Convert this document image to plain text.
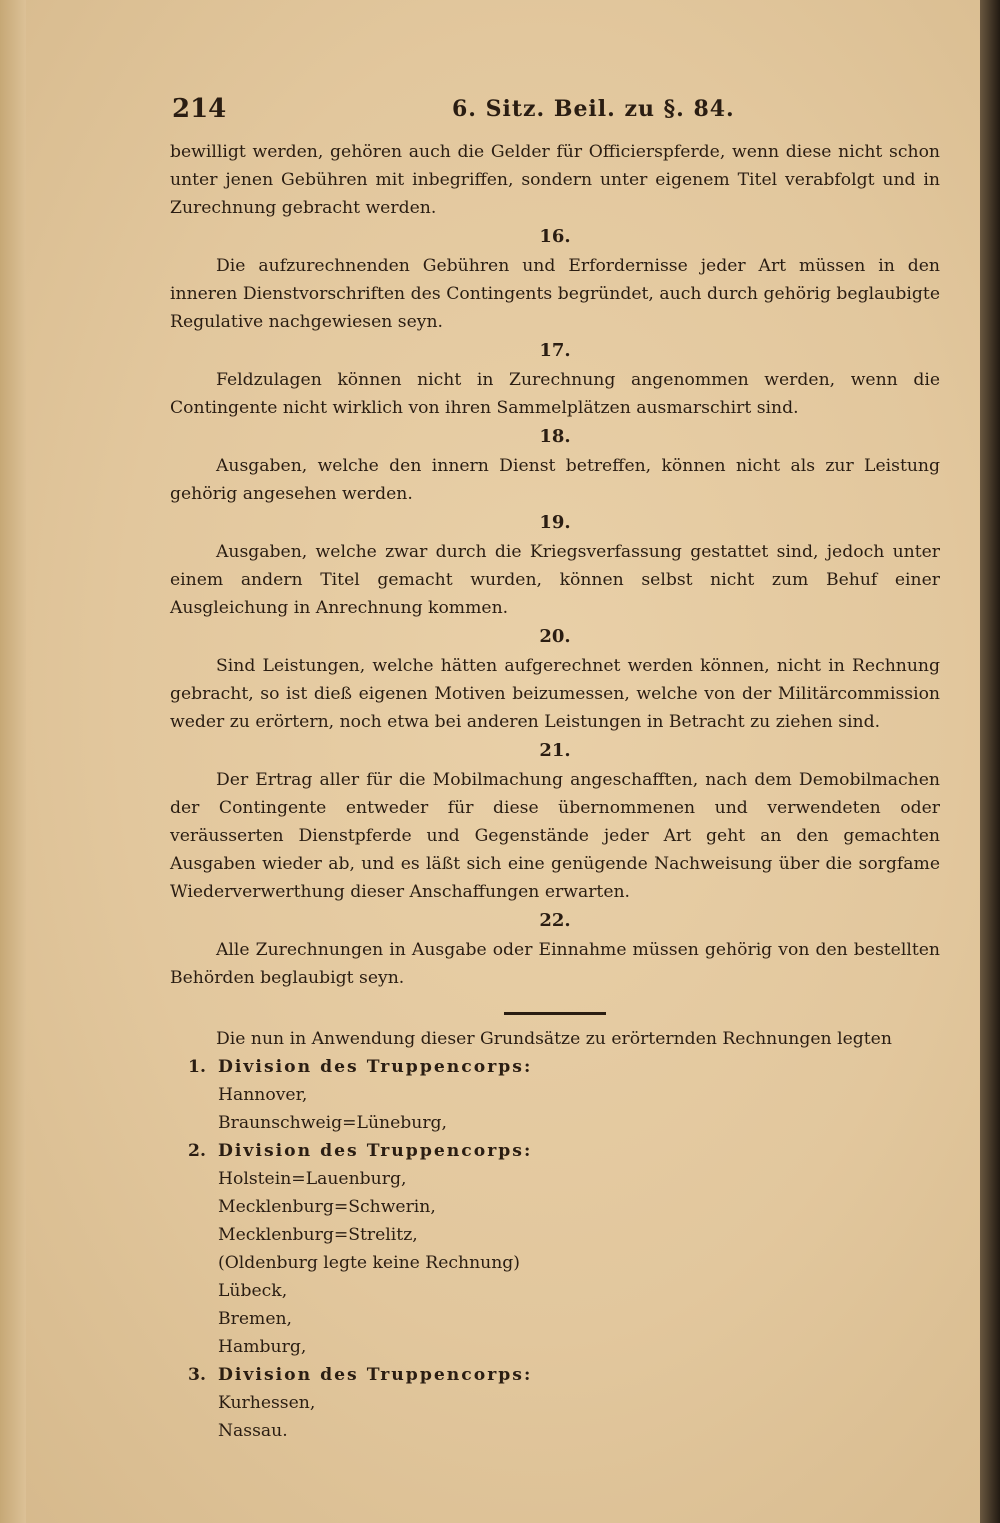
214	6. Sitz. Beil. zu §. 84.

bewilligt werden, gehören auch die Gelder für Officierspferde, wenn diese nicht schon unter jenen Gebühren mit inbegriffen, sondern unter eigenem Titel verabfolgt und in Zurechnung gebracht werden.

16.

Die aufzurechnenden Gebühren und Erfordernisse jeder Art müssen in den inneren Dienstvorschriften des Contingents begründet, auch durch gehörig beglaubigte Regulative nachgewiesen seyn.

17.

Feldzulagen können nicht in Zurechnung angenommen werden, wenn die Contingente nicht wirklich von ihren Sammelplätzen ausmarschirt sind.

18.

Ausgaben, welche den innern Dienst betreffen, können nicht als zur Leistung gehörig angesehen werden.

19.

Ausgaben, welche zwar durch die Kriegsverfassung gestattet sind, jedoch unter einem andern Titel gemacht wurden, können selbst nicht zum Behuf einer Ausgleichung in Anrechnung kommen.

20.

Sind Leistungen, welche hätten aufgerechnet werden können, nicht in Rechnung gebracht, so ist dieß eigenen Motiven beizumessen, welche von der Militärcommission weder zu erörtern, noch etwa bei anderen Leistungen in Betracht zu ziehen sind.

21.

Der Ertrag aller für die Mobilmachung angeschafften, nach dem Demobilmachen der Contingente entweder für diese übernommenen und verwendeten oder veräusserten Dienstpferde und Gegenstände jeder Art geht an den gemachten Ausgaben wieder ab, und es läßt sich eine genügende Nachweisung über die sorgfame Wiederverwerthung dieser Anschaffungen erwarten.

22.

Alle Zurechnungen in Ausgabe oder Einnahme müssen gehörig von den bestellten Behörden beglaubigt seyn.

Die nun in Anwendung dieser Grundsätze zu erörternden Rechnungen legten

1. Division des Truppencorps:

Hannover,

Braunschweig=Lüneburg,

2. Division des Truppencorps:

Holstein=Lauenburg,

Mecklenburg=Schwerin,

Mecklenburg=Strelitz,

(Oldenburg legte keine Rechnung)

Lübeck,

Bremen,

Hamburg,

3. Division des Truppencorps:

Kurhessen,

Nassau.
